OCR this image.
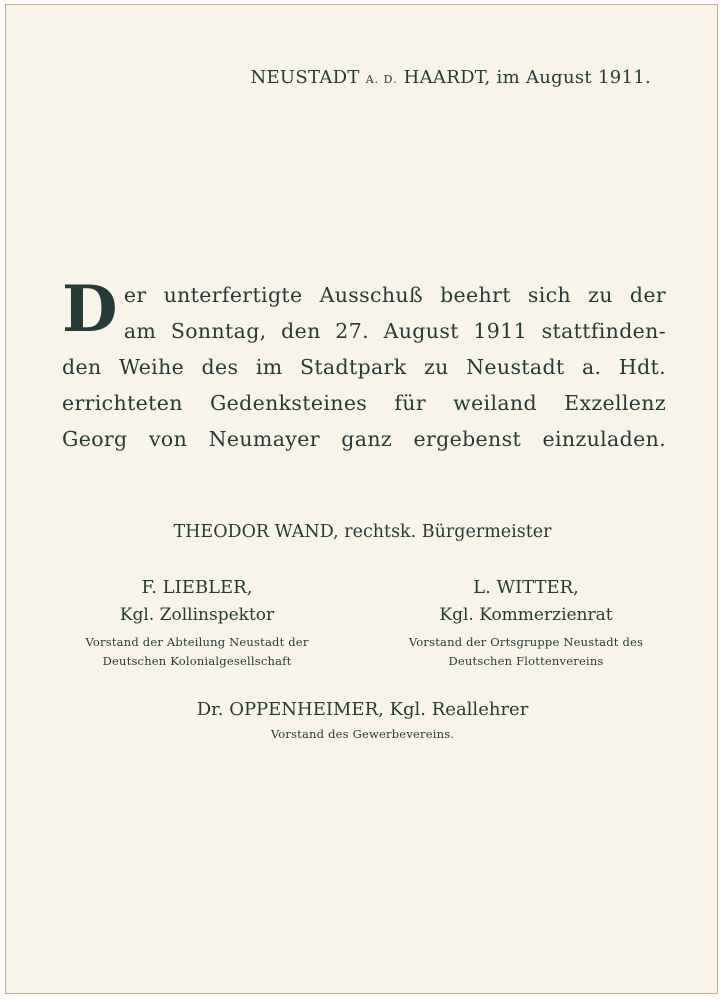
NEUSTADT A. D. HAARDT, im August 1911.
D er unterfertigte Ausschuß beehrt sich zu der
am Sonntag, den 27. August 1911 stattfinden-
den Weihe des im Stadtpark zu Neustadt a. Hdt.
errichteten Gedenksteines für weiland Exzellenz
Georg von Neumayer ganz ergebenst einzuladen.
THEODOR WAND, rechtsk. Bürgermeister
F. LIEBLER,
Kgl. Zollinspektor
Vorstand der Abteilung Neustadt der
Deutschen Kolonialgesellschaft
L. WITTER,
Kgl. Kommerzienrat
Vorstand der Ortsgruppe Neustadt des
Deutschen Flottenvereins
Dr. OPPENHEIMER, Kgl. Reallehrer
Vorstand des Gewerbevereins.
